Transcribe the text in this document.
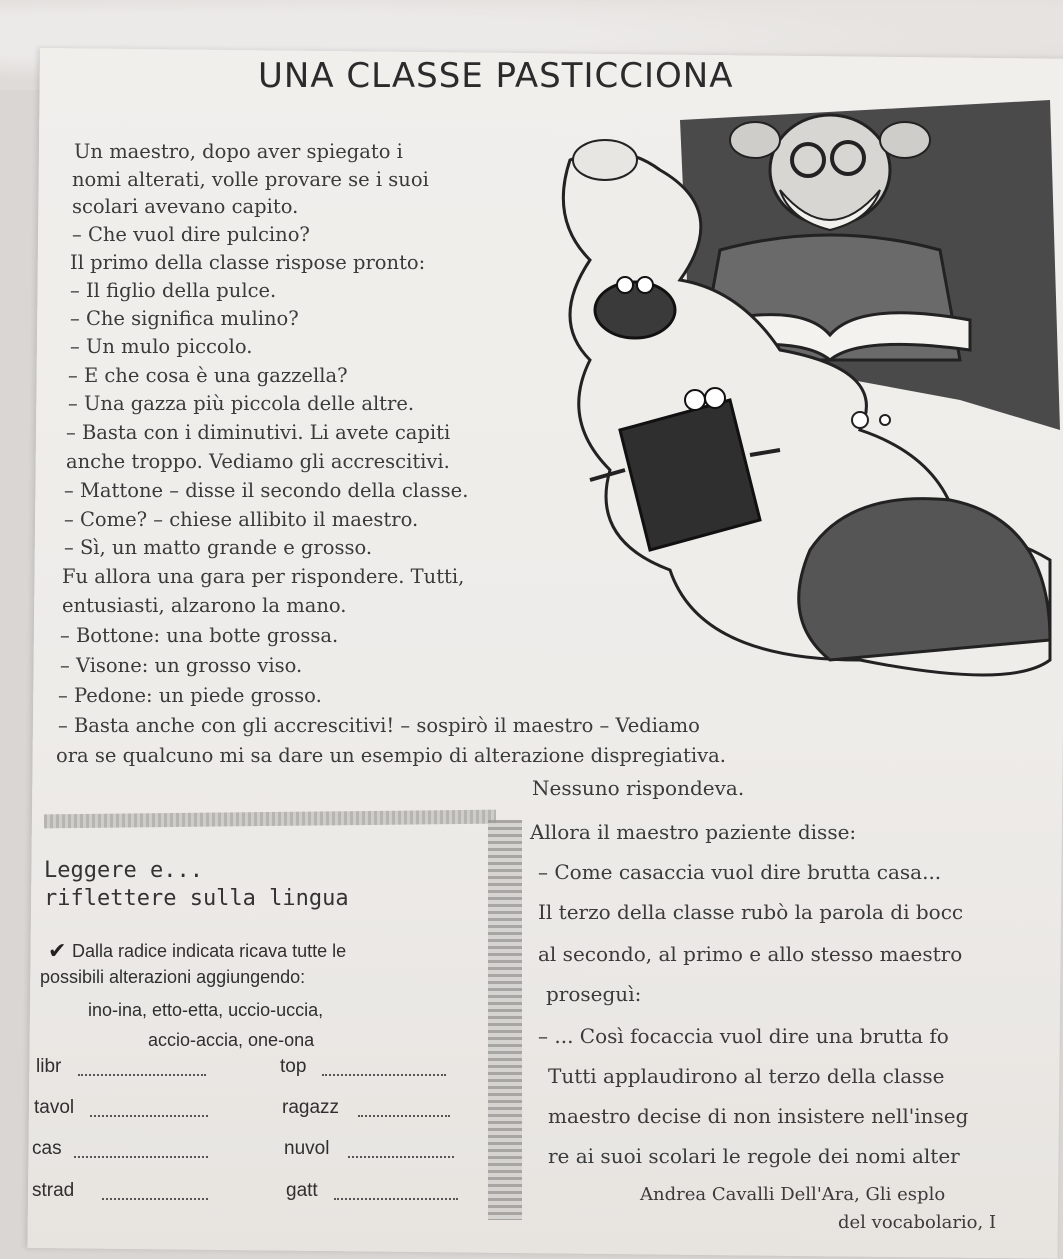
UNA CLASSE PASTICCIONA
Un maestro, dopo aver spiegato i
nomi alterati, volle provare se i suoi
scolari avevano capito.
– Che vuol dire pulcino?
Il primo della classe rispose pronto:
– Il figlio della pulce.
– Che significa mulino?
– Un mulo piccolo.
– E che cosa è una gazzella?
– Una gazza più piccola delle altre.
– Basta con i diminutivi. Li avete capiti
anche troppo. Vediamo gli accrescitivi.
– Mattone – disse il secondo della classe.
– Come? – chiese allibito il maestro.
– Sì, un matto grande e grosso.
Fu allora una gara per rispondere. Tutti,
entusiasti, alzarono la mano.
– Bottone: una botte grossa.
– Visone: un grosso viso.
– Pedone: un piede grosso.
– Basta anche con gli accrescitivi! – sospirò il maestro – Vediamo
ora se qualcuno mi sa dare un esempio di alterazione dispregiativa.
Leggere e...
riflettere sulla lingua
✔ Dalla radice indicata ricava tutte le
possibili alterazioni aggiungendo:
ino-ina, etto-etta, uccio-uccia,
accio-accia, one-ona
libr	top
tavol	ragazz
cas	nuvol
strad	gatt
Nessuno rispondeva.
Allora il maestro paziente disse:
– Come casaccia vuol dire brutta casa...
Il terzo della classe rubò la parola di bocc
al secondo, al primo e allo stesso maestro
proseguì:
– ... Così focaccia vuol dire una brutta fo
Tutti applaudirono al terzo della classe
maestro decise di non insistere nell'inseg
re ai suoi scolari le regole dei nomi alter
Andrea Cavalli Dell'Ara, Gli esplo
del vocabolario, I
